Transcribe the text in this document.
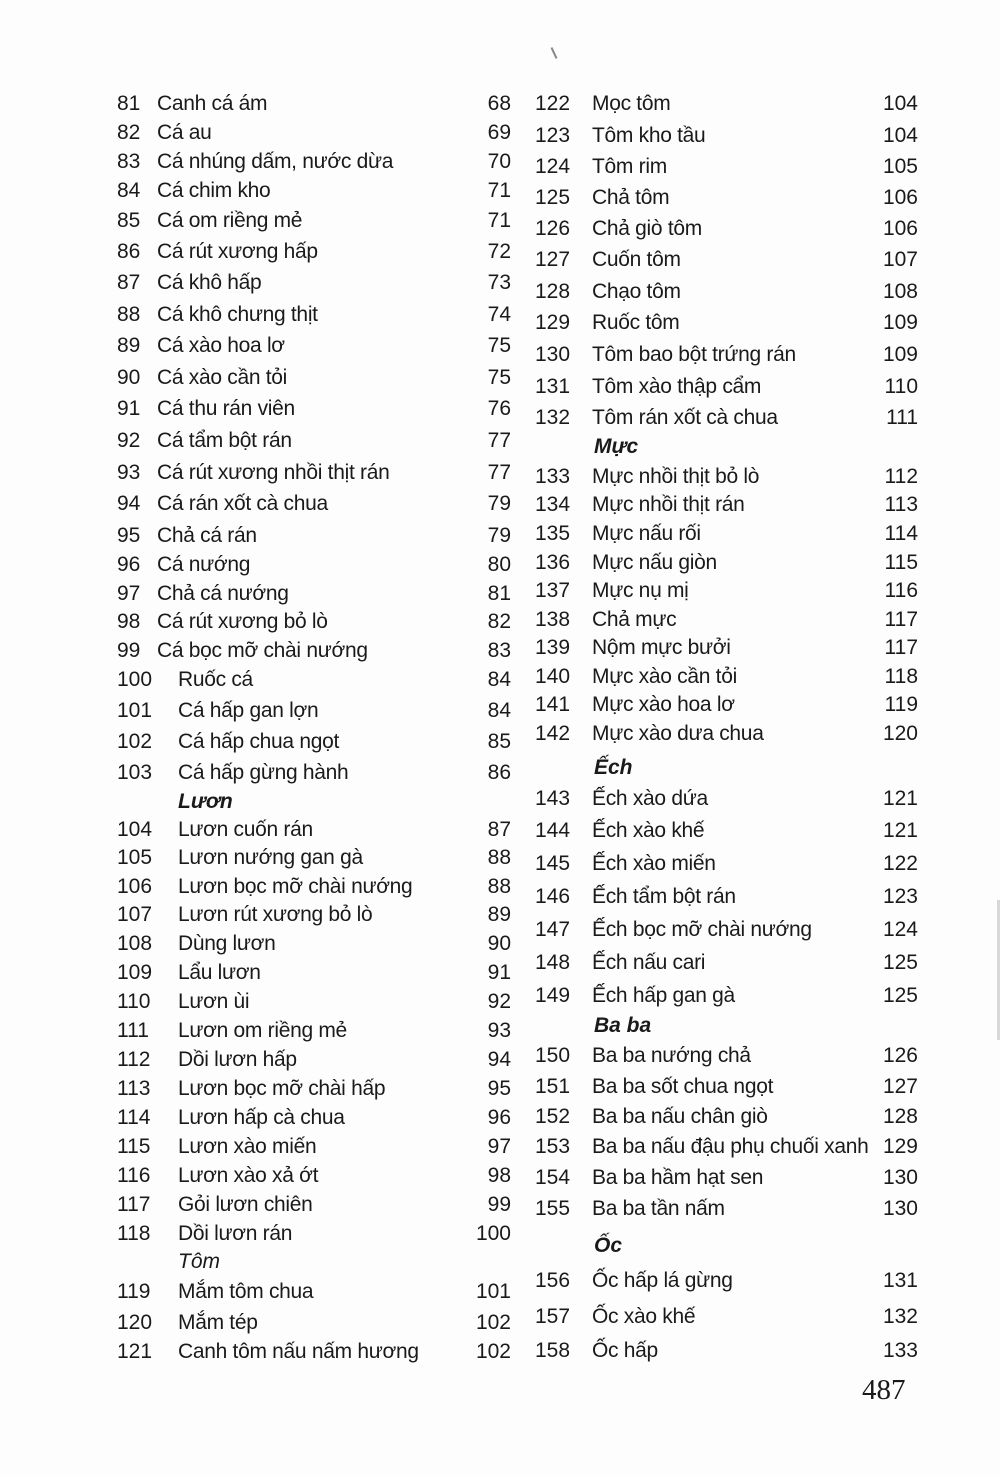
81 Canh cá ám	68
82 Cá au	69
83 Cá nhúng dấm, nước dừa	70
84 Cá chim kho	71
85 Cá om riềng mẻ	71
86 Cá rút xương hấp	72
87 Cá khô hấp	73
88 Cá khô chưng thịt	74
89 Cá xào hoa lơ	75
90 Cá xào cần tỏi	75
91 Cá thu rán viên	76
92 Cá tẩm bột rán	77
93 Cá rút xương nhồi thịt rán	77
94 Cá rán xốt cà chua	79
95 Chả cá rán	79
96 Cá nướng	80
97 Chả cá nướng	81
98 Cá rút xương bỏ lò	82
99 Cá bọc mỡ chài nướng	83
100 Ruốc cá	84
101 Cá hấp gan lợn	84
102 Cá hấp chua ngọt	85
103 Cá hấp gừng hành	86
Lươn
104 Lươn cuốn rán	87
105 Lươn nướng gan gà	88
106 Lươn bọc mỡ chài nướng	88
107 Lươn rút xương bỏ lò	89
108 Dùng lươn	90
109 Lẩu lươn	91
110 Lươn ùi	92
111 Lươn om riềng mẻ	93
112 Dồi lươn hấp	94
113 Lươn bọc mỡ chài hấp	95
114 Lươn hấp cà chua	96
115 Lươn xào miến	97
116 Lươn xào xả ớt	98
117 Gỏi lươn chiên	99
118 Dồi lươn rán	100
Tôm
119 Mắm tôm chua	101
120 Mắm tép	102
121 Canh tôm nấu nấm hương	102
122 Mọc tôm	104
123 Tôm kho tầu	104
124 Tôm rim	105
125 Chả tôm	106
126 Chả giò tôm	106
127 Cuốn tôm	107
128 Chạo tôm	108
129 Ruốc tôm	109
130 Tôm bao bột trứng rán	109
131 Tôm xào thập cẩm	110
132 Tôm rán xốt cà chua	111
Mực
133 Mực nhồi thịt bỏ lò	112
134 Mực nhồi thịt rán	113
135 Mực nấu rối	114
136 Mực nấu giòn	115
137 Mực nụ mị	116
138 Chả mực	117
139 Nộm mực bưởi	117
140 Mực xào cần tỏi	118
141 Mực xào hoa lơ	119
142 Mực xào dưa chua	120
Ếch
143 Ếch xào dứa	121
144 Ếch xào khế	121
145 Ếch xào miến	122
146 Ếch tẩm bột rán	123
147 Ếch bọc mỡ chài nướng	124
148 Ếch nấu cari	125
149 Ếch hấp gan gà	125
Ba ba
150 Ba ba nướng chả	126
151 Ba ba sốt chua ngọt	127
152 Ba ba nấu chân giò	128
153 Ba ba nấu đậu phụ chuối xanh 129
154 Ba ba hầm hạt sen	130
155 Ba ba tần nấm	130
Ốc
156 Ốc hấp lá gừng	131
157 Ốc xào khế	132
158 Ốc hấp	133
487
